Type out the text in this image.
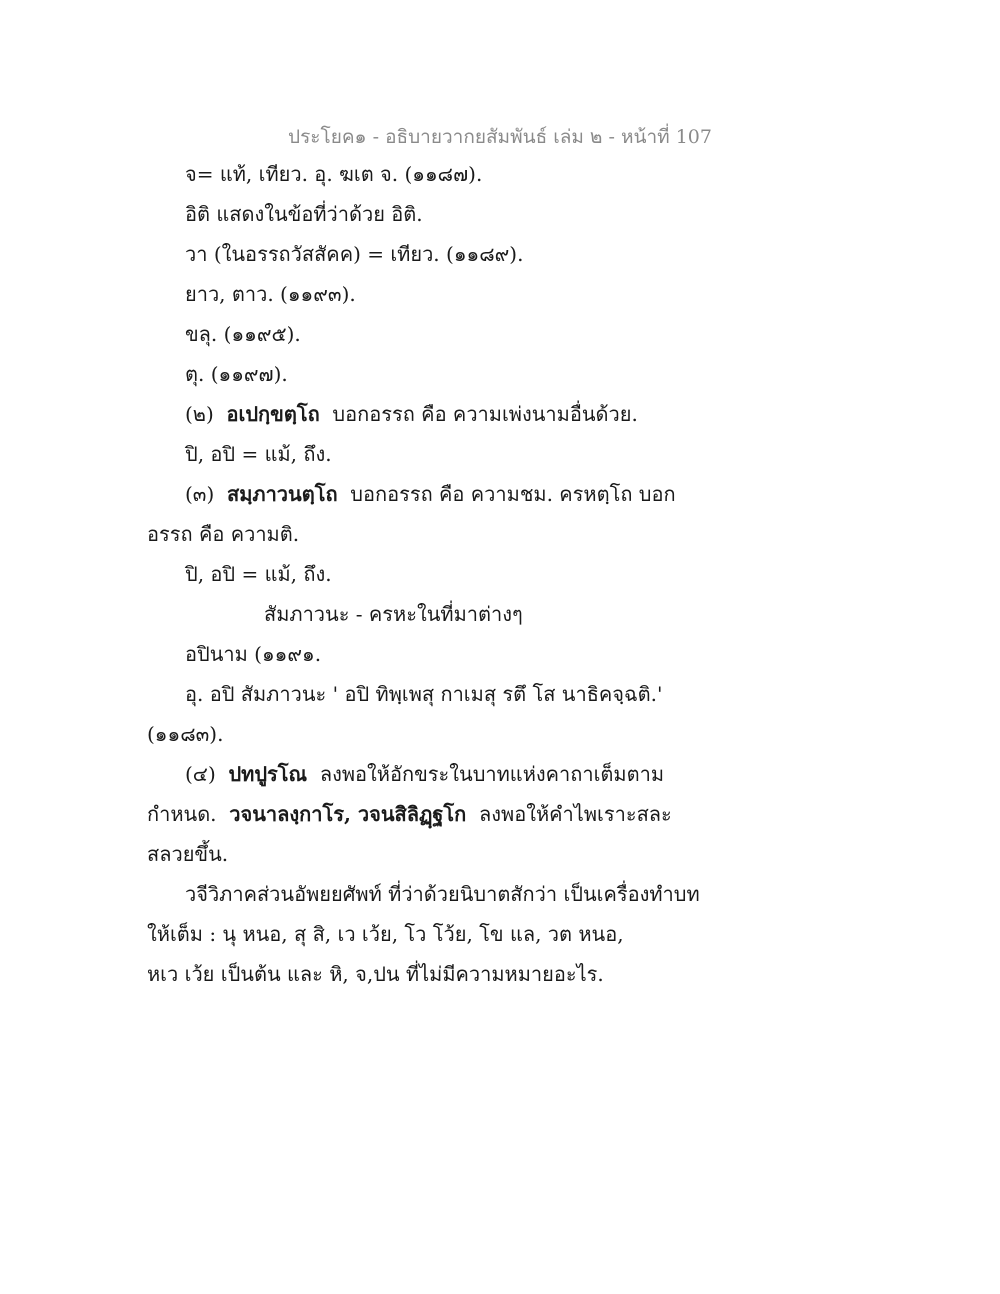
ประโยค๑ - อธิบายวากยสัมพันธ์ เล่ม ๒ - หน้าที่ 107
จ= แท้, เทียว. อุ. ฆเต จ. (๑๑๘๗).
อิติ แสดงในข้อที่ว่าด้วย อิติ.
วา (ในอรรถวัสสัคค) = เทียว. (๑๑๘๙).
ยาว, ตาว. (๑๑๙๓).
ขลุ. (๑๑๙๕).
ตุ. (๑๑๙๗).
(๒) อเปกฺขตฺโถ บอกอรรถ คือ ความเพ่งนามอื่นด้วย.
ปิ, อปิ = แม้, ถึง.
(๓) สมฺภาวนตฺโถ บอกอรรถ คือ ความชม. ครหตฺโถ บอก
อรรถ คือ ความติ.
ปิ, อปิ = แม้, ถึง.
สัมภาวนะ - ครหะในที่มาต่างๆ
อปินาม (๑๑๙๑.
อุ. อปิ สัมภาวนะ ' อปิ ทิพฺเพสุ กาเมสุ รตึ โส นาธิคจฺฉติ.'
(๑๑๘๓).
(๔) ปทปูรโณ ลงพอให้อักขระในบาทแห่งคาถาเต็มตาม
กำหนด. วจนาลงฺกาโร, วจนสิลิฏฺฐโก ลงพอให้คำไพเราะสละ
สลวยขึ้น.
วจีวิภาคส่วนอัพยยศัพท์ ที่ว่าด้วยนิบาตสักว่า เป็นเครื่องทำบท
ให้เต็ม : นุ หนอ, สุ สิ, เว เว้ย, โว โว้ย, โข แล, วต หนอ,
หเว เว้ย เป็นต้น และ หิ, จ,ปน ที่ไม่มีความหมายอะไร.
